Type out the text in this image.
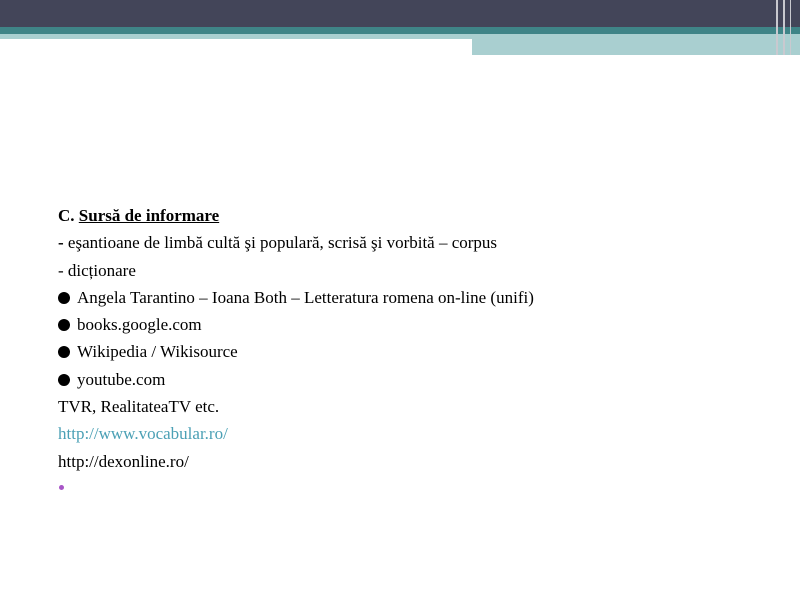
C. Sursă de informare
- eşantioane de limbă cultă şi populară, scrisă şi vorbită – corpus
- dicționare
Angela Tarantino – Ioana Both – Letteratura romena on-line (unifi)
books.google.com
Wikipedia / Wikisource
youtube.com
TVR, RealitateaTV etc.
http://www.vocabular.ro/
http://dexonline.ro/
